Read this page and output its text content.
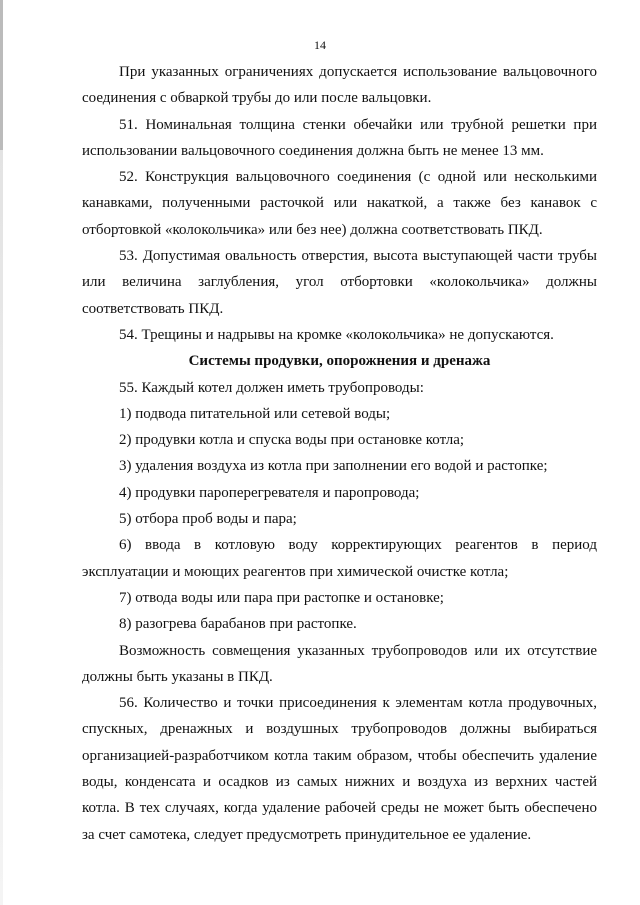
14

При указанных ограничениях допускается использование вальцовочного соединения с обваркой трубы до или после вальцовки.

51. Номинальная толщина стенки обечайки или трубной решетки при использовании вальцовочного соединения должна быть не менее 13 мм.

52. Конструкция вальцовочного соединения (с одной или несколькими канавками, полученными расточкой или накаткой, а также без канавок с отбортовкой «колокольчика» или без нее) должна соответствовать ПКД.

53. Допустимая овальность отверстия, высота выступающей части трубы или величина заглубления, угол отбортовки «колокольчика» должны соответствовать ПКД.

54. Трещины и надрывы на кромке «колокольчика» не допускаются.

Системы продувки, опорожнения и дренажа

55. Каждый котел должен иметь трубопроводы:

1) подвода питательной или сетевой воды;

2) продувки котла и спуска воды при остановке котла;

3) удаления воздуха из котла при заполнении его водой и растопке;

4) продувки пароперегревателя и паропровода;

5) отбора проб воды и пара;

6) ввода в котловую воду корректирующих реагентов в период эксплуатации и моющих реагентов при химической очистке котла;

7) отвода воды или пара при растопке и остановке;

8) разогрева барабанов при растопке.

Возможность совмещения указанных трубопроводов или их отсутствие должны быть указаны в ПКД.

56. Количество и точки присоединения к элементам котла продувочных, спускных, дренажных и воздушных трубопроводов должны выбираться организацией-разработчиком котла таким образом, чтобы обеспечить удаление воды, конденсата и осадков из самых нижних и воздуха из верхних частей котла. В тех случаях, когда удаление рабочей среды не может быть обеспечено за счет самотека, следует предусмотреть принудительное ее удаление.
